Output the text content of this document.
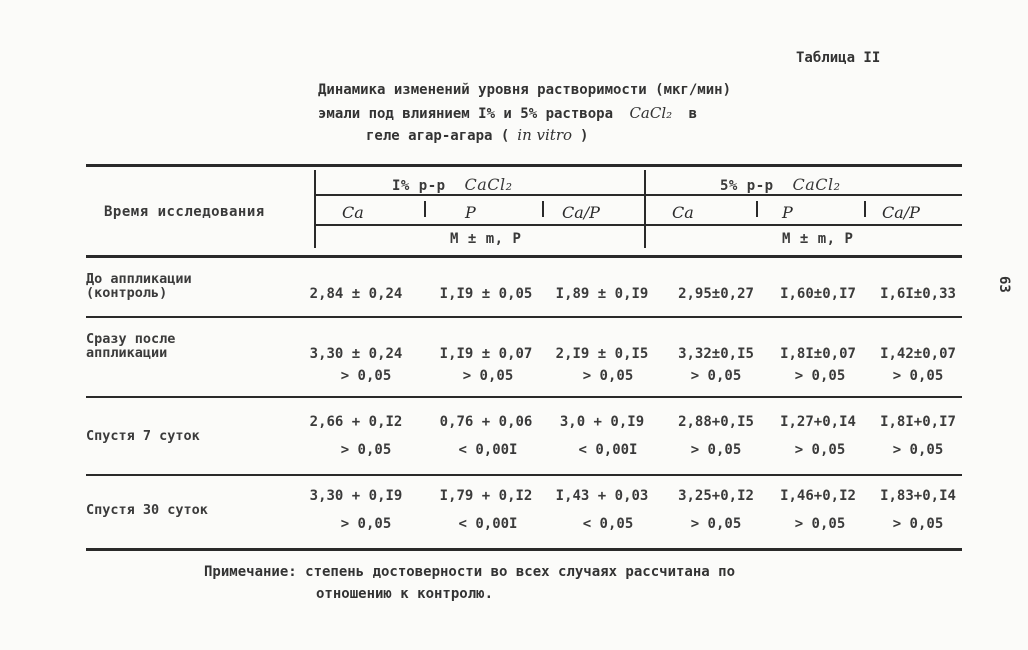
Таблица II
Динамика изменений уровня растворимости (мкг/мин)
эмали под влиянием I% и 5% раствора CaCl₂ в
геле агар-агара ( in vitro )
63
Время исследования
I% р-р CaCl₂	5% р-р CaCl₂
Ca	P	Ca/P	Ca	P	Ca/P
М ± m, P	М ± m, P
До аппликации
(контроль)	2,84 ± 0,24	I,I9 ± 0,05	I,89 ± 0,I9	2,95±0,27	I,60±0,I7	I,6I±0,33
Сразу после
аппликации	3,30 ± 0,24	I,I9 ± 0,07	2,I9 ± 0,I5	3,32±0,I5	I,8I±0,07	I,42±0,07
> 0,05	> 0,05	> 0,05	> 0,05	> 0,05	> 0,05
Спустя 7 суток
2,66 + 0,I2	0,76 + 0,06	3,0 + 0,I9	2,88+0,I5	I,27+0,I4	I,8I+0,I7
> 0,05	< 0,00I	< 0,00I	> 0,05	> 0,05	> 0,05
Спустя 30 суток
3,30 + 0,I9	I,79 + 0,I2	I,43 + 0,03	3,25+0,I2	I,46+0,I2	I,83+0,I4
> 0,05	< 0,00I	< 0,05	> 0,05	> 0,05	> 0,05
Примечание: степень достоверности во всех случаях рассчитана по
отношению к контролю.
